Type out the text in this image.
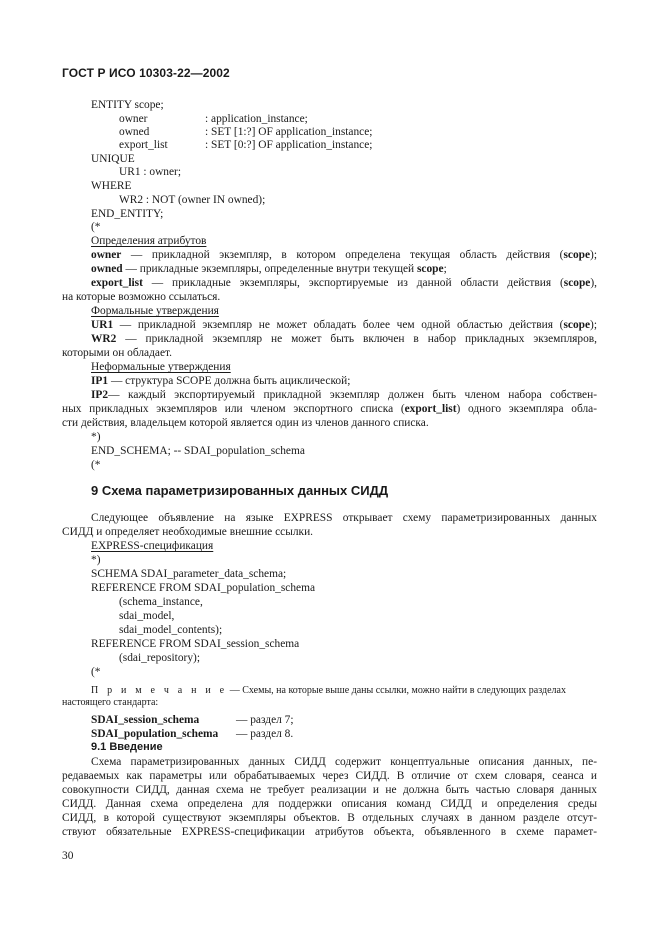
ГОСТ Р ИСО 10303-22—2002
ENTITY scope;
owner	: application_instance;
owned	: SET [1:?] OF application_instance;
export_list	: SET [0:?] OF application_instance;
UNIQUE
UR1 : owner;
WHERE
WR2 : NOT (owner IN owned);
END_ENTITY;
(*
Определения атрибутов
owner — прикладной экземпляр, в котором определена текущая область действия (scope);
owned — прикладные экземпляры, определенные внутри текущей scope;
export_list — прикладные экземпляры, экспортируемые из данной области действия (scope),
на которые возможно ссылаться.
Формальные утверждения
UR1 — прикладной экземпляр не может обладать более чем одной областью действия (scope);
WR2 — прикладной экземпляр не может быть включен в набор прикладных экземпляров,
которыми он обладает.
Неформальные утверждения
IP1 — структура SCOPE должна быть ациклической;
IP2— каждый экспортируемый прикладной экземпляр должен быть членом набора собствен-
ных прикладных экземпляров или членом экспортного списка (export_list) одного экземпляра обла-
сти действия, владельцем которой является один из членов данного списка.
*)
END_SCHEMA; -- SDAI_population_schema
(*
9 Схема параметризированных данных СИДД
Следующее объявление на языке EXPRESS открывает схему параметризированных данных
СИДД и определяет необходимые внешние ссылки.
EXPRESS-спецификация
*)
SCHEMA SDAI_parameter_data_schema;
REFERENCE FROM SDAI_population_schema
(schema_instance,
sdai_model,
sdai_model_contents);
REFERENCE FROM SDAI_session_schema
(sdai_repository);
(*
П р и м е ч а н и е — Схемы, на которые выше даны ссылки, можно найти в следующих разделах
настоящего стандарта:
SDAI_session_schema	— раздел 7;
SDAI_population_schema — раздел 8.
9.1 Введение
Схема параметризированных данных СИДД содержит концептуальные описания данных, пе-
редаваемых как параметры или обрабатываемых через СИДД. В отличие от схем словаря, сеанса и
совокупности СИДД, данная схема не требует реализации и не должна быть частью словаря данных
СИДД. Данная схема определена для поддержки описания команд СИДД и определения среды
СИДД, в которой существуют экземпляры объектов. В отдельных случаях в данном разделе отсут-
ствуют обязательные EXPRESS-спецификации атрибутов объекта, объявленного в схеме парамет-
30
